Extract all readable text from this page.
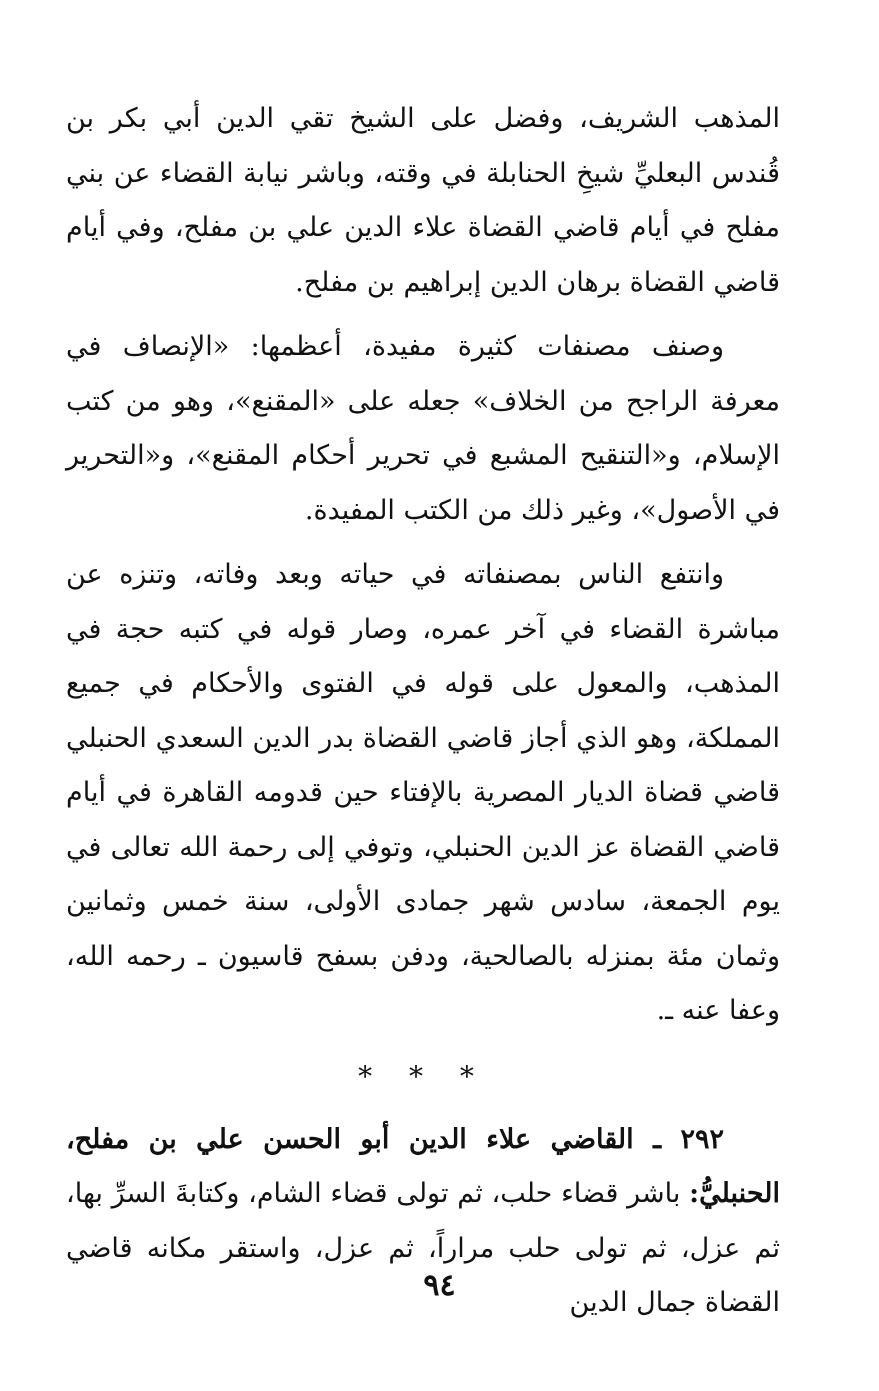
المذهب الشريف، وفضل على الشيخ تقي الدين أبي بكر بن قُندس البعليِّ شيخِ الحنابلة في وقته، وباشر نيابة القضاء عن بني مفلح في أيام قاضي القضاة علاء الدين علي بن مفلح، وفي أيام قاضي القضاة برهان الدين إبراهيم بن مفلح.

وصنف مصنفات كثيرة مفيدة، أعظمها: «الإنصاف في معرفة الراجح من الخلاف» جعله على «المقنع»، وهو من كتب الإسلام، و«التنقيح المشبع في تحرير أحكام المقنع»، و«التحرير في الأصول»، وغير ذلك من الكتب المفيدة.

وانتفع الناس بمصنفاته في حياته وبعد وفاته، وتنزه عن مباشرة القضاء في آخر عمره، وصار قوله في كتبه حجة في المذهب، والمعول على قوله في الفتوى والأحكام في جميع المملكة، وهو الذي أجاز قاضي القضاة بدر الدين السعدي الحنبلي قاضي قضاة الديار المصرية بالإفتاء حين قدومه القاهرة في أيام قاضي القضاة عز الدين الحنبلي، وتوفي إلى رحمة الله تعالى في يوم الجمعة، سادس شهر جمادى الأولى، سنة خمس وثمانين وثمان مئة بمنزله بالصالحية، ودفن بسفح قاسيون ـ رحمه الله، وعفا عنه ـ.

* * *

٢٩٢ ـ القاضي علاء الدين أبو الحسن علي بن مفلح، الحنبليُّ: باشر قضاء حلب، ثم تولى قضاء الشام، وكتابةَ السرِّ بها، ثم عزل، ثم تولى حلب مراراً، ثم عزل، واستقر مكانه قاضي القضاة جمال الدين

٩٤
